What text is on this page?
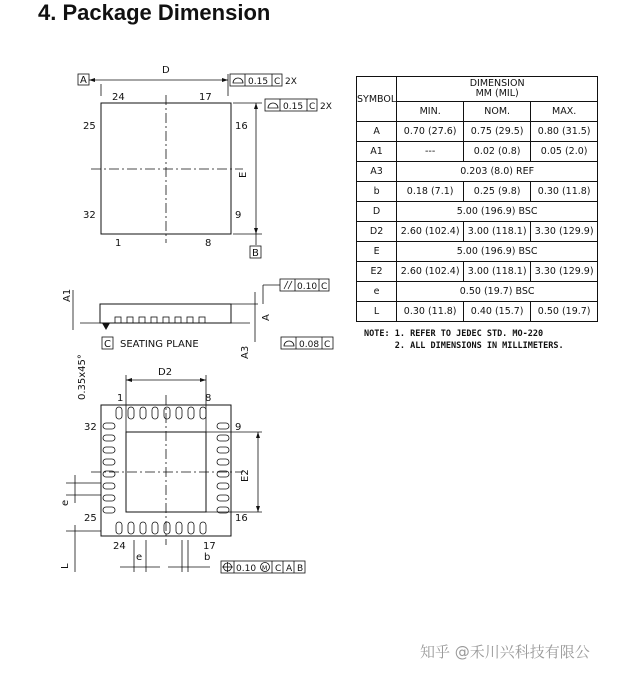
4. Package Dimension
A
D
0.15 C 2X
24	17
25	16
32	9
1	8
E
B
0.15 C 2X
C SEATING PLANE
A1
A
A3
0.10 C
0.08 C
0.35x45°	D2
1	8
32	9
25	16
24	17
E2
e
L
e	b
0.10 M C A B
SYMBOL	DIMENSION
MM (MIL)		

	MIN.	NOM.	MAX.
A	0.70 (27.6)	0.75 (29.5)	0.80 (31.5)
A1	---	0.02 (0.8)	0.05 (2.0)
A3	0.203 (8.0) REF		
b	0.18 (7.1)	0.25 (9.8)	0.30 (11.8)
D	5.00 (196.9) BSC		
D2	2.60 (102.4)	3.00 (118.1)	3.30 (129.9)
E	5.00 (196.9) BSC		
E2	2.60 (102.4)	3.00 (118.1)	3.30 (129.9)
e	0.50 (19.7) BSC		
L	0.30 (11.8)	0.40 (15.7)	0.50 (19.7)
NOTE: 1. REFER TO JEDEC STD. MO-220
2. ALL DIMENSIONS IN MILLIMETERS.
知乎 @禾川兴科技有限公
